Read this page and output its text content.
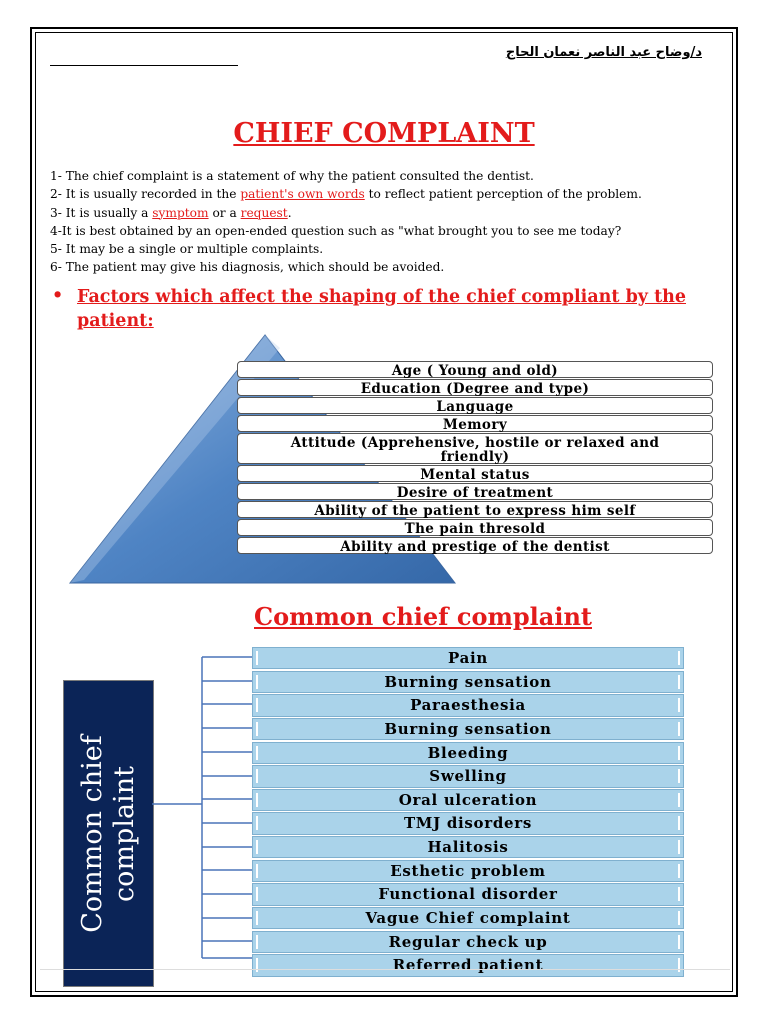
د/وضاح عبد الناصر نعمان الحاج
CHIEF COMPLAINT
1- The chief complaint is a statement of why the patient consulted the dentist.
2- It is usually recorded in the patient's own words to reflect patient perception of the problem.
3- It is usually a symptom or a request.
4-It is best obtained by an open-ended question such as "what brought you to see me today?
5- It may be a single or multiple complaints.
6- The patient may give his diagnosis, which should be avoided.
• Factors which affect the shaping of the chief compliant by the patient:
Age ( Young and old)
Education (Degree and type)
Language
Memory
Attitude (Apprehensive, hostile or relaxed and friendly)
Mental status
Desire of treatment
Ability of the patient to express him self
The pain thresold
Ability and prestige of the dentist
Common chief complaint
Common chief complaint
Pain
Burning sensation
Paraesthesia
Burning sensation
Bleeding
Swelling
Oral ulceration
TMJ disorders
Halitosis
Esthetic problem
Functional disorder
Vague Chief complaint
Regular check up
Referred patient
